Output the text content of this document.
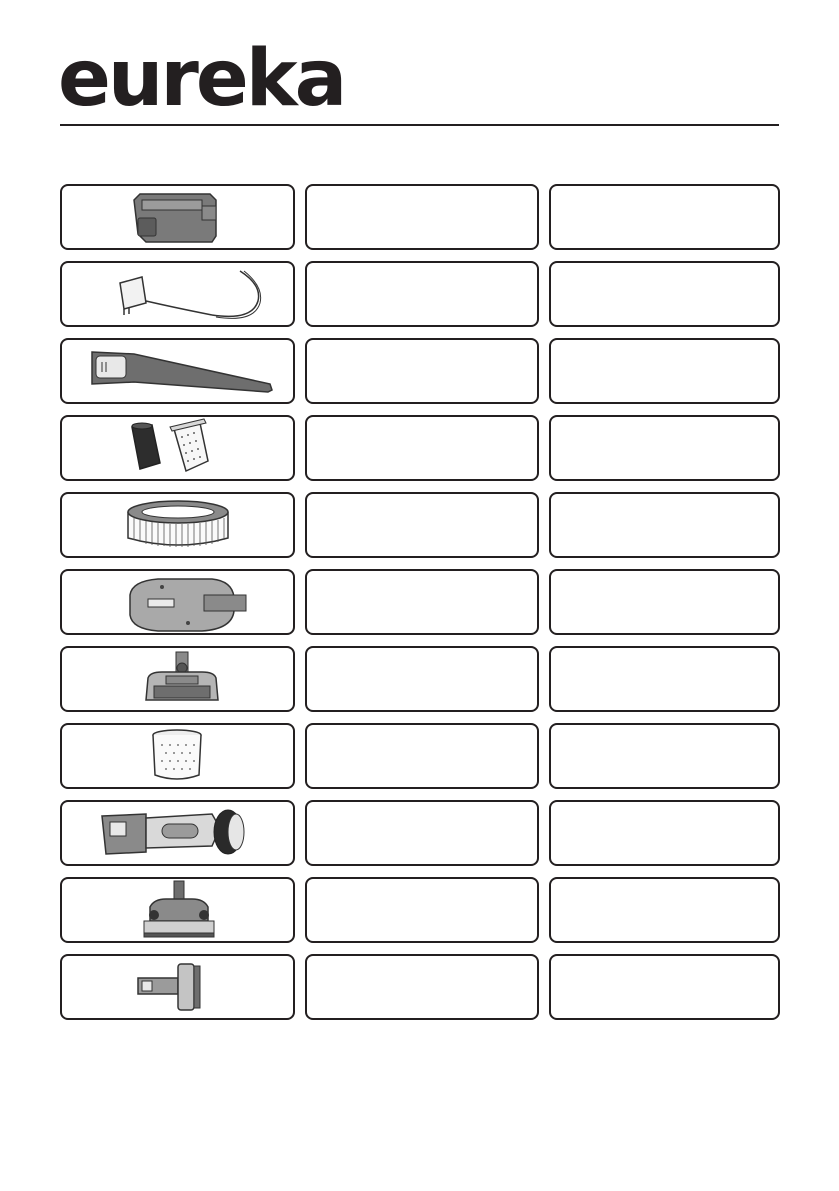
eureka
